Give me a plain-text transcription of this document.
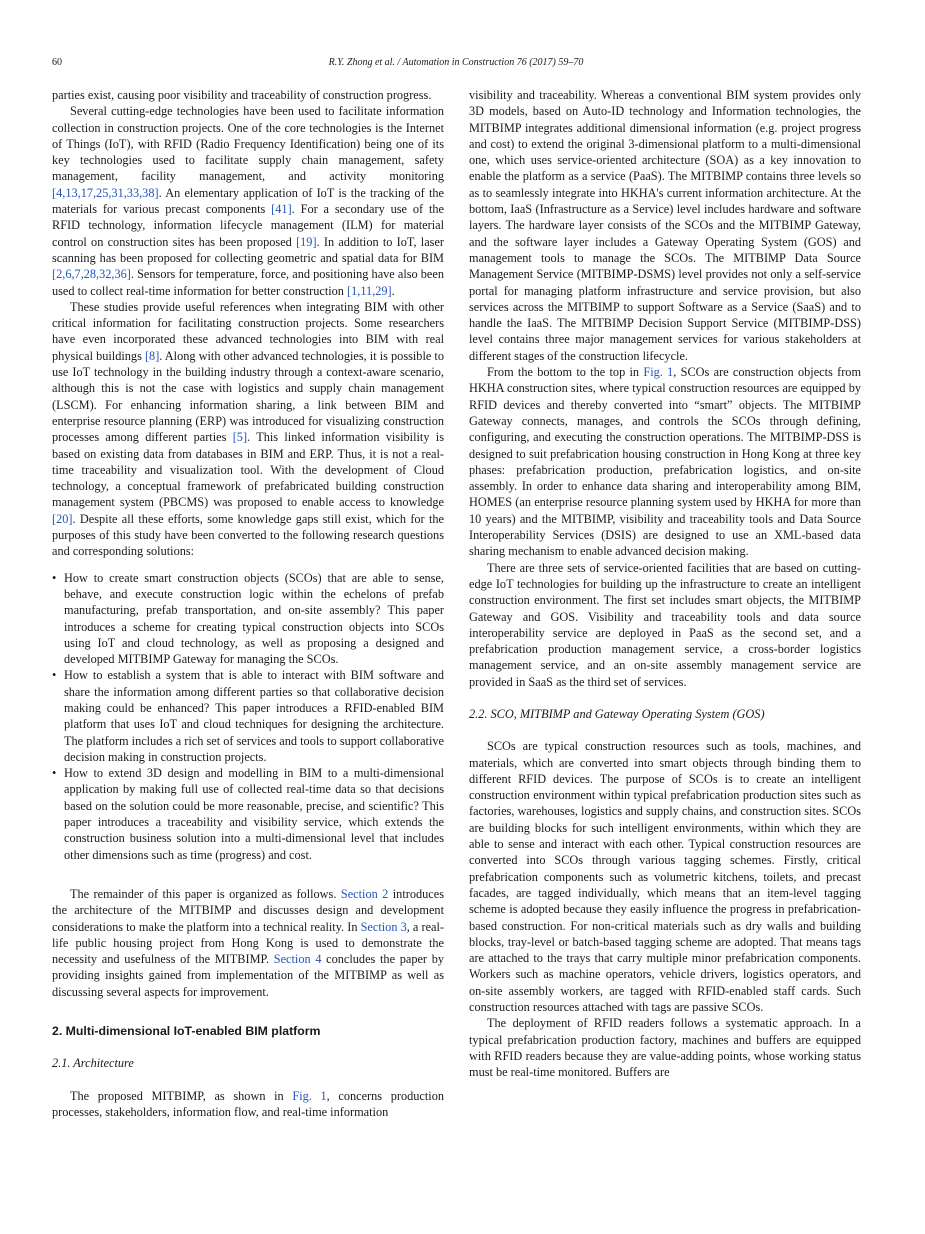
60	R.Y. Zhong et al. / Automation in Construction 76 (2017) 59–70

parties exist, causing poor visibility and traceability of construction progress.

Several cutting-edge technologies have been used to facilitate information collection in construction projects. One of the core technologies is the Internet of Things (IoT), with RFID (Radio Frequency Identification) being one of its key technologies used to facilitate supply chain management, safety management, facility management, and activity monitoring [4,13,17,25,31,33,38]. An elementary application of IoT is the tracking of the materials for various precast components [41]. For a secondary use of the RFID technology, information lifecycle management (ILM) for material control on construction sites has been proposed [19]. In addition to IoT, laser scanning has been proposed for collecting geometric and spatial data for BIM [2,6,7,28,32,36]. Sensors for temperature, force, and positioning have also been used to collect real-time information for better construction [1,11,29].

These studies provide useful references when integrating BIM with other critical information for facilitating construction projects. Some researchers have even incorporated these advanced technologies into BIM with real physical buildings [8]. Along with other advanced technologies, it is possible to use IoT technology in the building industry through a context-aware scenario, although this is not the case with logistics and supply chain management (LSCM). For enhancing information sharing, a link between BIM and enterprise resource planning (ERP) was introduced for visualizing construction processes among different parties [5]. This linked information visibility is based on existing data from databases in BIM and ERP. Thus, it is not a real-time traceability and visualization tool. With the development of Cloud technology, a conceptual framework of prefabricated building construction management system (PBCMS) was proposed to enable access to knowledge [20]. Despite all these efforts, some knowledge gaps still exist, which for the purposes of this study have been converted to the following research questions and corresponding solutions:

• How to create smart construction objects (SCOs) that are able to sense, behave, and execute construction logic within the echelons of prefab manufacturing, prefab transportation, and on-site assembly? This paper introduces a scheme for creating typical construction objects into SCOs using IoT and cloud technology, as well as proposing a designed and developed MITBIMP Gateway for managing the SCOs.
• How to establish a system that is able to interact with BIM software and share the information among different parties so that collaborative decision making could be enhanced? This paper introduces a RFID-enabled BIM platform that uses IoT and cloud techniques for designing the architecture. The platform includes a rich set of services and tools to support collaborative decision making in construction projects.
• How to extend 3D design and modelling in BIM to a multi-dimensional application by making full use of collected real-time data so that decisions based on the solution could be more reasonable, precise, and scientific? This paper introduces a traceability and visibility service, which extends the construction business solution into a multi-dimensional level that includes other dimensions such as time (progress) and cost.

The remainder of this paper is organized as follows. Section 2 introduces the architecture of the MITBIMP and discusses design and development considerations to make the platform into a technical reality. In Section 3, a real-life public housing project from Hong Kong is used to demonstrate the necessity and usefulness of the MITBIMP. Section 4 concludes the paper by providing insights gained from implementation of the MITBIMP as well as discussing several aspects for improvement.

2. Multi-dimensional IoT-enabled BIM platform
2.1. Architecture

The proposed MITBIMP, as shown in Fig. 1, concerns production processes, stakeholders, information flow, and real-time information

visibility and traceability. Whereas a conventional BIM system provides only 3D models, based on Auto-ID technology and Information technologies, the MITBIMP integrates additional dimensional information (e.g. project progress and cost) to extend the original 3-dimensional platform to a multi-dimensional one, which uses service-oriented architecture (SOA) as a key innovation to enable the platform as a service (PaaS). The MITBIMP contains three levels so as to seamlessly integrate into HKHA's current information architecture. At the bottom, IaaS (Infrastructure as a Service) level includes hardware and software layers. The hardware layer consists of the SCOs and the MITBIMP Gateway, and the software layer includes a Gateway Operating System (GOS) and management tools to manage the SCOs. The MITBIMP Data Source Management Service (MITBIMP-DSMS) level provides not only a self-service portal for managing platform infrastructure and service provision, but also services across the MITBIMP to support Software as a Service (SaaS) and to handle the IaaS. The MITBIMP Decision Support Service (MITBIMP-DSS) level contains three major management services for various stakeholders at different stages of the construction lifecycle.

From the bottom to the top in Fig. 1, SCOs are construction objects from HKHA construction sites, where typical construction resources are equipped by RFID devices and thereby converted into “smart” objects. The MITBIMP Gateway connects, manages, and controls the SCOs through defining, configuring, and executing the construction operations. The MITBIMP-DSS is designed to suit prefabrication housing construction in Hong Kong at three key phases: prefabrication production, prefabrication logistics, and on-site assembly. In order to enhance data sharing and interoperability among BIM, HOMES (an enterprise resource planning system used by HKHA for more than 10 years) and the MITBIMP, visibility and traceability tools and Data Source Interoperability Services (DSIS) are designed to use an XML-based data sharing mechanism to enable advanced decision making.

There are three sets of service-oriented facilities that are based on cutting-edge IoT technologies for building up the infrastructure to create an intelligent construction environment. The first set includes smart objects, the MITBIMP Gateway and GOS. Visibility and traceability tools and data source interoperability service are deployed in PaaS as the second set, and a prefabrication production management service, a cross-border logistics management service, and an on-site assembly management service are provided in SaaS as the third set of services.

2.2. SCO, MITBIMP and Gateway Operating System (GOS)

SCOs are typical construction resources such as tools, machines, and materials, which are converted into smart objects through binding them to different RFID devices. The purpose of SCOs is to create an intelligent construction environment within typical prefabrication production sites such as factories, warehouses, logistics and supply chains, and construction sites. SCOs are building blocks for such intelligent environments, within which they are able to sense and interact with each other. Typical construction resources are converted into SCOs through various tagging schemes. Firstly, critical prefabrication components such as volumetric kitchens, toilets, and precast facades, are tagged individually, which means that an item-level tagging scheme is adopted because they easily influence the progress in prefabrication-based construction. For non-critical materials such as dry walls and building blocks, tray-level or batch-based tagging scheme are adopted. That means tags are attached to the trays that carry multiple minor prefabrication components. Workers such as machine operators, vehicle drivers, logistics operators, and on-site assembly workers, are tagged with RFID-enabled staff cards. Such construction resources attached with tags are passive SCOs.

The deployment of RFID readers follows a systematic approach. In a typical prefabrication production factory, machines and buffers are equipped with RFID readers because they are value-adding points, whose working status must be real-time monitored. Buffers are
